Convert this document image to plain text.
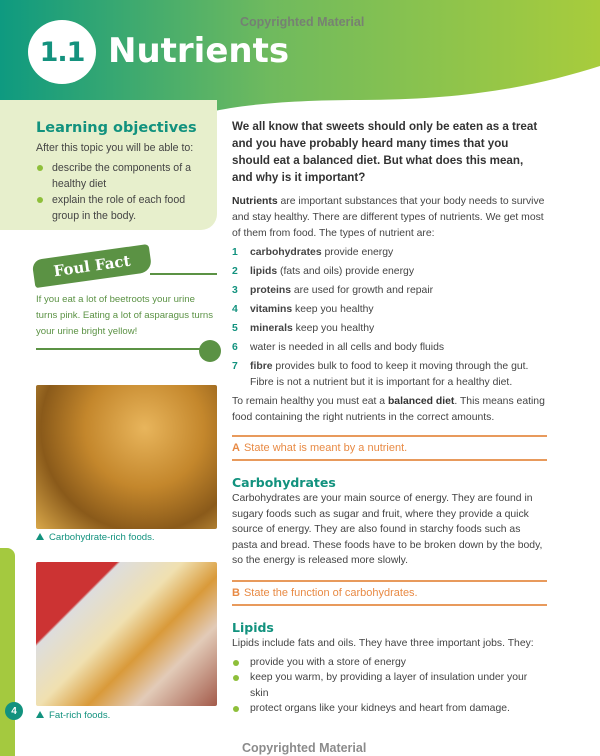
1.1 Nutrients
Copyrighted Material
Learning objectives
After this topic you will be able to:
describe the components of a healthy diet
explain the role of each food group in the body.
Foul Fact
If you eat a lot of beetroots your urine turns pink. Eating a lot of asparagus turns your urine bright yellow!
Carbohydrate-rich foods.
Fat-rich foods.
4
We all know that sweets should only be eaten as a treat and you have probably heard many times that you should eat a balanced diet. But what does this mean, and why is it important?
Nutrients are important substances that your body needs to survive and stay healthy. There are different types of nutrients. We get most of them from food. The types of nutrient are:
1 carbohydrates provide energy
2 lipids (fats and oils) provide energy
3 proteins are used for growth and repair
4 vitamins keep you healthy
5 minerals keep you healthy
6 water is needed in all cells and body fluids
7 fibre provides bulk to food to keep it moving through the gut. Fibre is not a nutrient but it is important for a healthy diet.
To remain healthy you must eat a balanced diet. This means eating food containing the right nutrients in the correct amounts.
A State what is meant by a nutrient.
Carbohydrates
Carbohydrates are your main source of energy. They are found in sugary foods such as sugar and fruit, where they provide a quick source of energy. They are also found in starchy foods such as pasta and bread. These foods have to be broken down by the body, so the energy is released more slowly.
B State the function of carbohydrates.
Lipids
Lipids include fats and oils. They have three important jobs. They:
provide you with a store of energy
keep you warm, by providing a layer of insulation under your skin
protect organs like your kidneys and heart from damage.
Copyrighted Material
